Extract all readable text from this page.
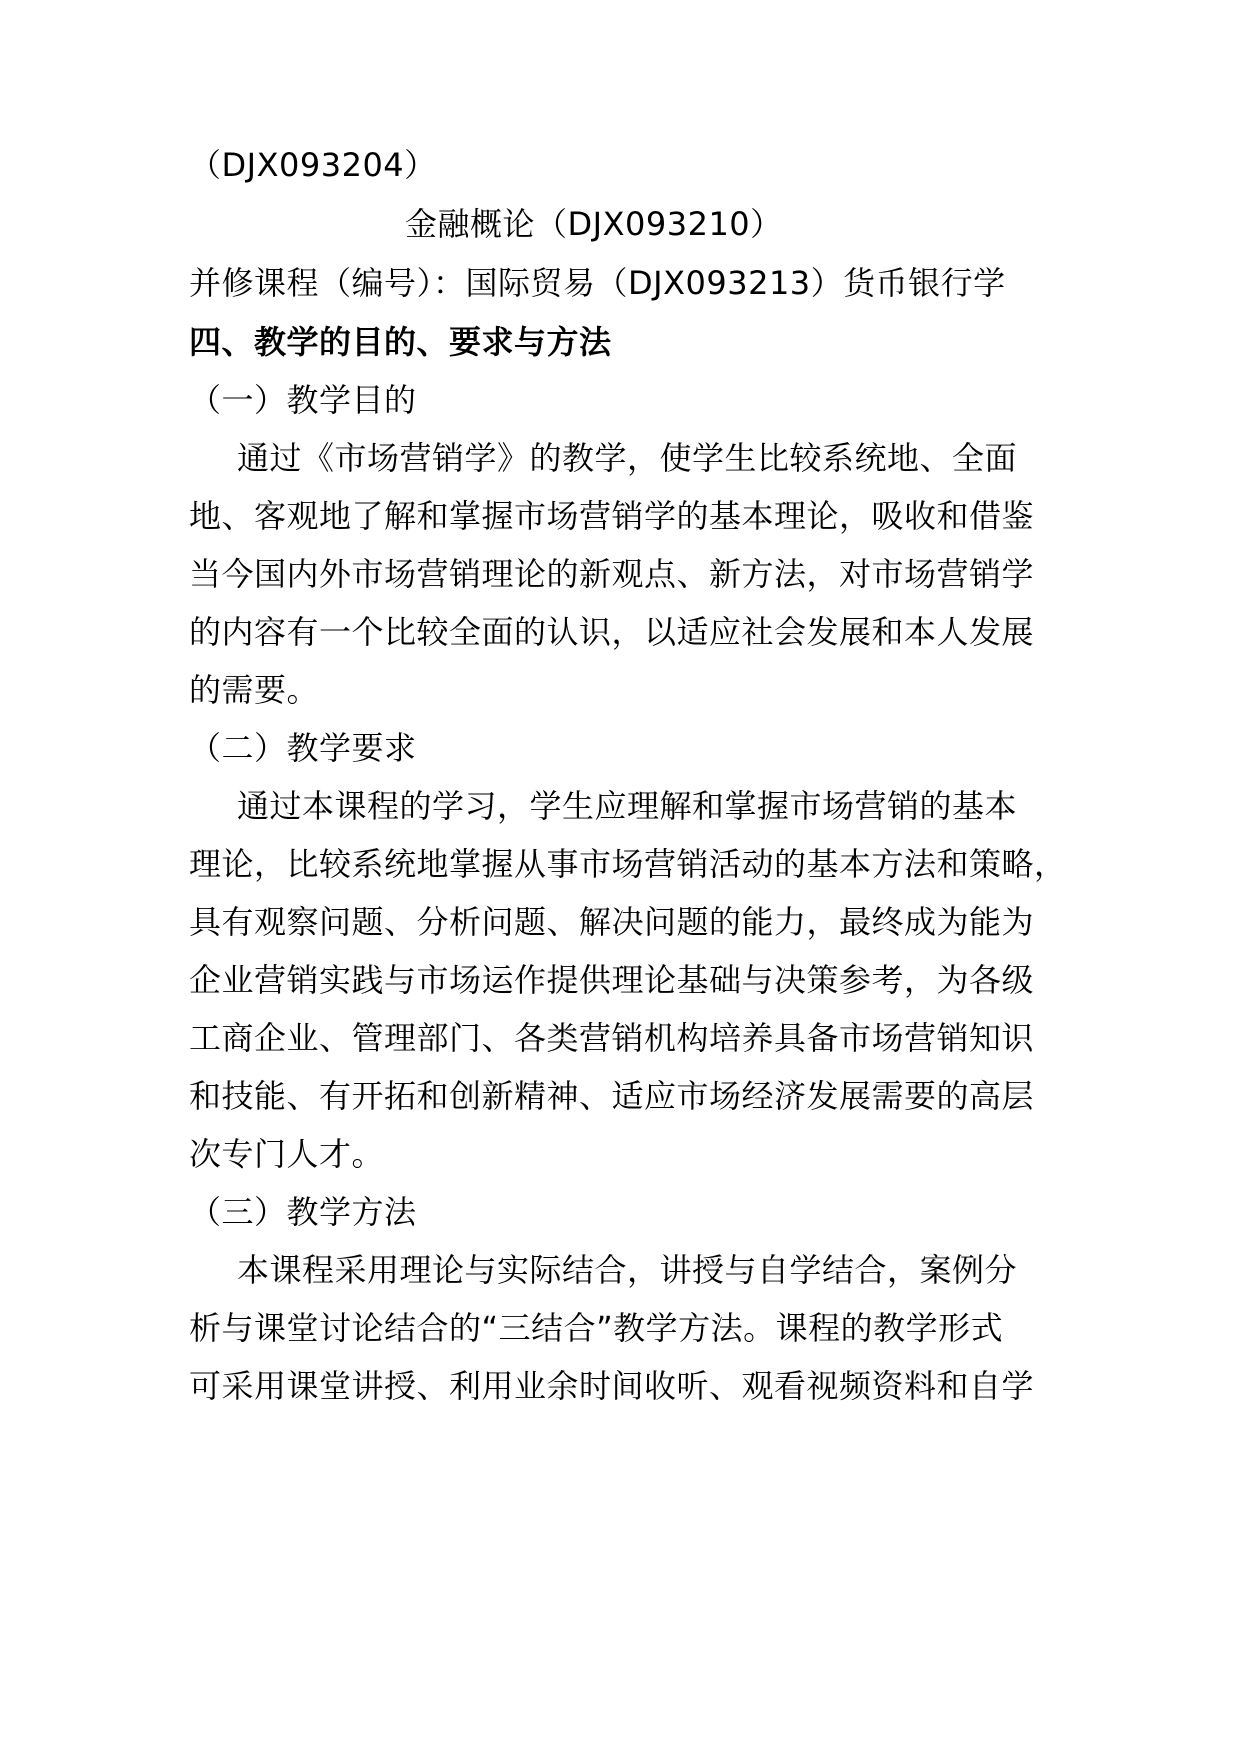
（DJX093204）
金融概论（DJX093210）
并修课程（编号）：国际贸易（DJX093213）货币银行学
四、教学的目的、要求与方法
（一）教学目的
通过《市场营销学》的教学，使学生比较系统地、全面
地、客观地了解和掌握市场营销学的基本理论，吸收和借鉴
当今国内外市场营销理论的新观点、新方法，对市场营销学
的内容有一个比较全面的认识，以适应社会发展和本人发展
的需要。
（二）教学要求
通过本课程的学习，学生应理解和掌握市场营销的基本
理论，比较系统地掌握从事市场营销活动的基本方法和策略，
具有观察问题、分析问题、解决问题的能力，最终成为能为
企业营销实践与市场运作提供理论基础与决策参考，为各级
工商企业、管理部门、各类营销机构培养具备市场营销知识
和技能、有开拓和创新精神、适应市场经济发展需要的高层
次专门人才。
（三）教学方法
本课程采用理论与实际结合，讲授与自学结合，案例分
析与课堂讨论结合的“三结合”教学方法。课程的教学形式
可采用课堂讲授、利用业余时间收听、观看视频资料和自学
